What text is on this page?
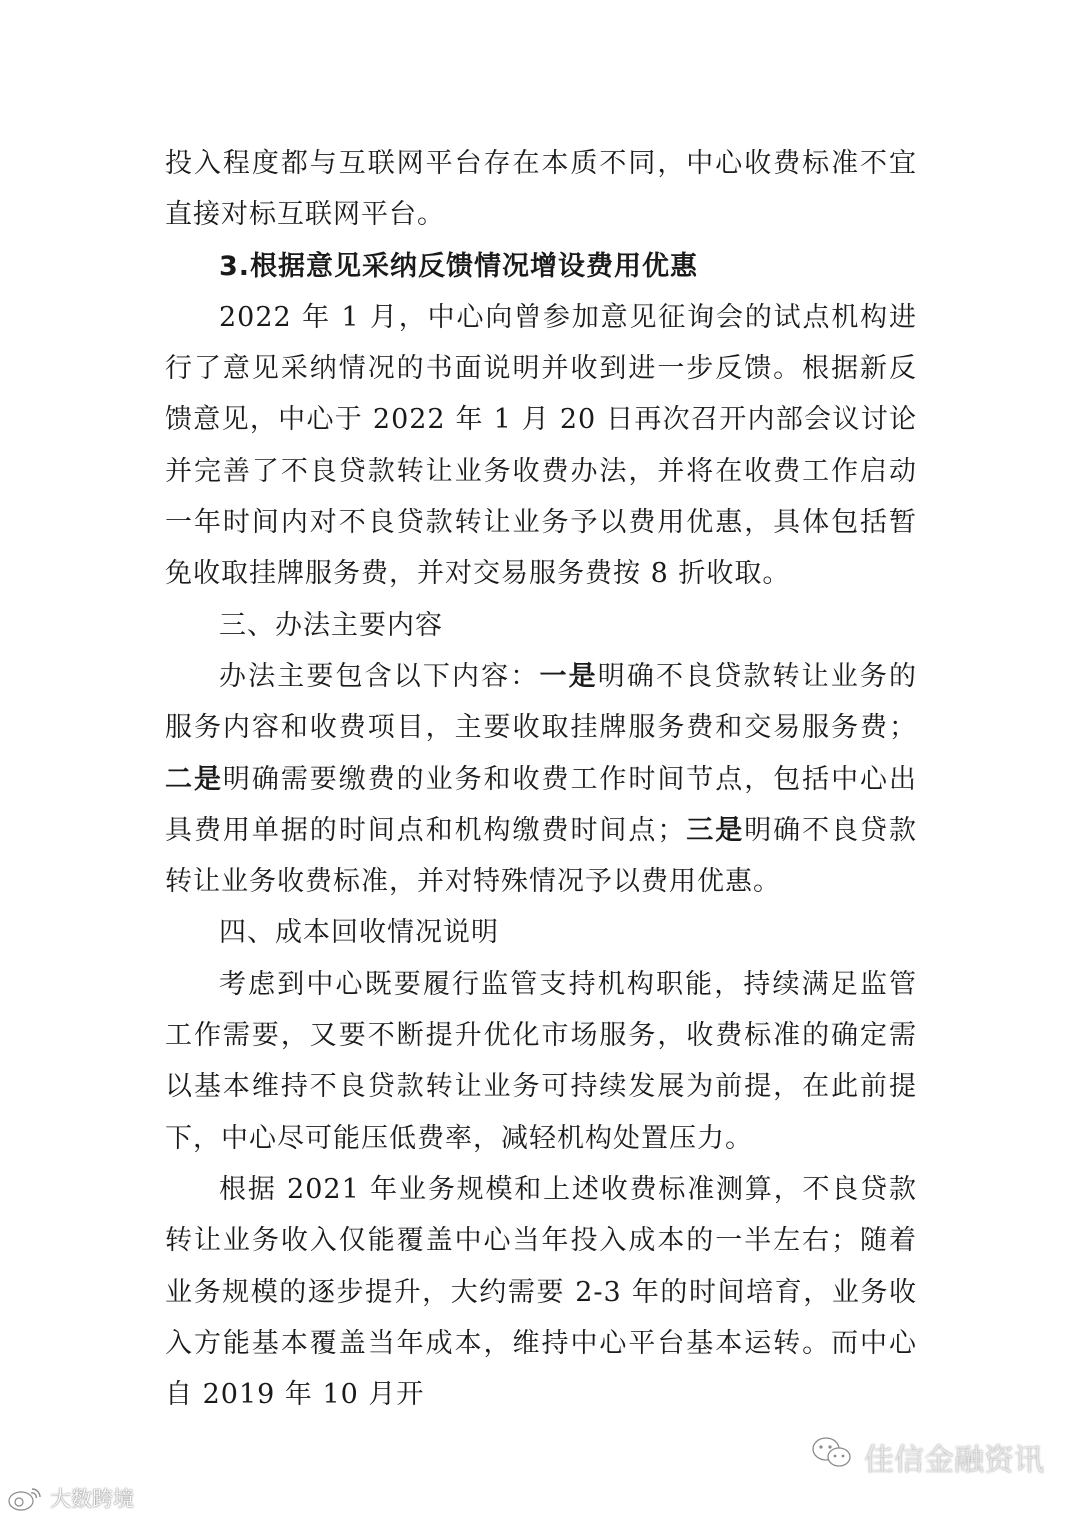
投入程度都与互联网平台存在本质不同，中心收费标准不宜直接对标互联网平台。

3.根据意见采纳反馈情况增设费用优惠

2022 年 1 月，中心向曾参加意见征询会的试点机构进行了意见采纳情况的书面说明并收到进一步反馈。根据新反馈意见，中心于 2022 年 1 月 20 日再次召开内部会议讨论并完善了不良贷款转让业务收费办法，并将在收费工作启动一年时间内对不良贷款转让业务予以费用优惠，具体包括暂免收取挂牌服务费，并对交易服务费按 8 折收取。

三、办法主要内容

办法主要包含以下内容：一是明确不良贷款转让业务的服务内容和收费项目，主要收取挂牌服务费和交易服务费；二是明确需要缴费的业务和收费工作时间节点，包括中心出具费用单据的时间点和机构缴费时间点；三是明确不良贷款转让业务收费标准，并对特殊情况予以费用优惠。

四、成本回收情况说明

考虑到中心既要履行监管支持机构职能，持续满足监管工作需要，又要不断提升优化市场服务，收费标准的确定需以基本维持不良贷款转让业务可持续发展为前提，在此前提下，中心尽可能压低费率，减轻机构处置压力。

根据 2021 年业务规模和上述收费标准测算，不良贷款转让业务收入仅能覆盖中心当年投入成本的一半左右；随着业务规模的逐步提升，大约需要 2-3 年的时间培育，业务收入方能基本覆盖当年成本，维持中心平台基本运转。而中心自 2019 年 10 月开

大数跨境
佳信金融资讯
